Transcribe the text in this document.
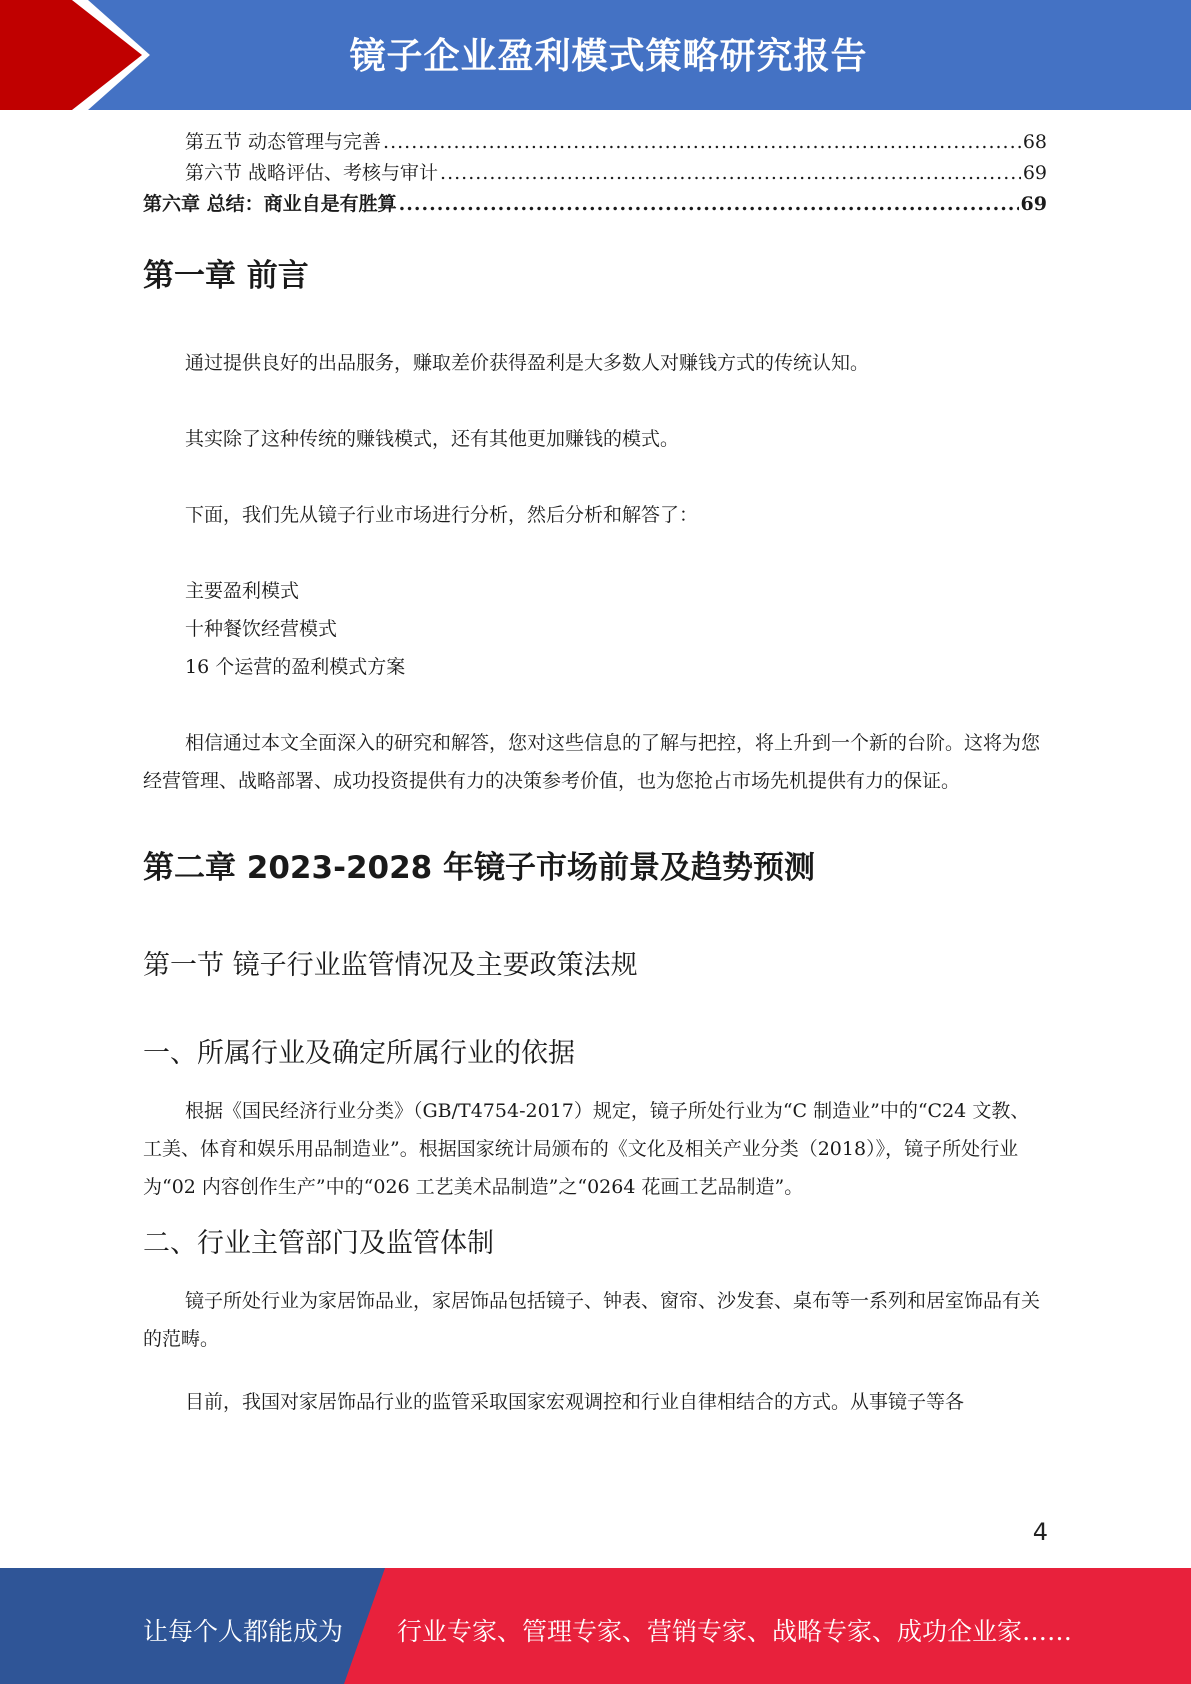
镜子企业盈利模式策略研究报告
第五节 动态管理与完善 .....	68
第六节 战略评估、考核与审计 .....	69
第六章 总结：商业自是有胜算 .....	69
第一章 前言

通过提供良好的出品服务，赚取差价获得盈利是大多数人对赚钱方式的传统认知。

其实除了这种传统的赚钱模式，还有其他更加赚钱的模式。

下面，我们先从镜子行业市场进行分析，然后分析和解答了：

主要盈利模式

十种餐饮经营模式

16 个运营的盈利模式方案

相信通过本文全面深入的研究和解答，您对这些信息的了解与把控，将上升到一个新的台阶。这将为您经营管理、战略部署、成功投资提供有力的决策参考价值，也为您抢占市场先机提供有力的保证。

第二章 2023-2028 年镜子市场前景及趋势预测
第一节 镜子行业监管情况及主要政策法规
一、所属行业及确定所属行业的依据

根据《国民经济行业分类》（GB/T4754-2017）规定，镜子所处行业为“C 制造业”中的“C24 文教、工美、体育和娱乐用品制造业”。根据国家统计局颁布的《文化及相关产业分类（2018）》，镜子所处行业为“02 内容创作生产”中的“026 工艺美术品制造”之“0264 花画工艺品制造”。

二、行业主管部门及监管体制

镜子所处行业为家居饰品业，家居饰品包括镜子、钟表、窗帘、沙发套、桌布等一系列和居室饰品有关的范畴。

目前，我国对家居饰品行业的监管采取国家宏观调控和行业自律相结合的方式。从事镜子等各

4
让每个人都能成为 行业专家、管理专家、营销专家、战略专家、成功企业家……
